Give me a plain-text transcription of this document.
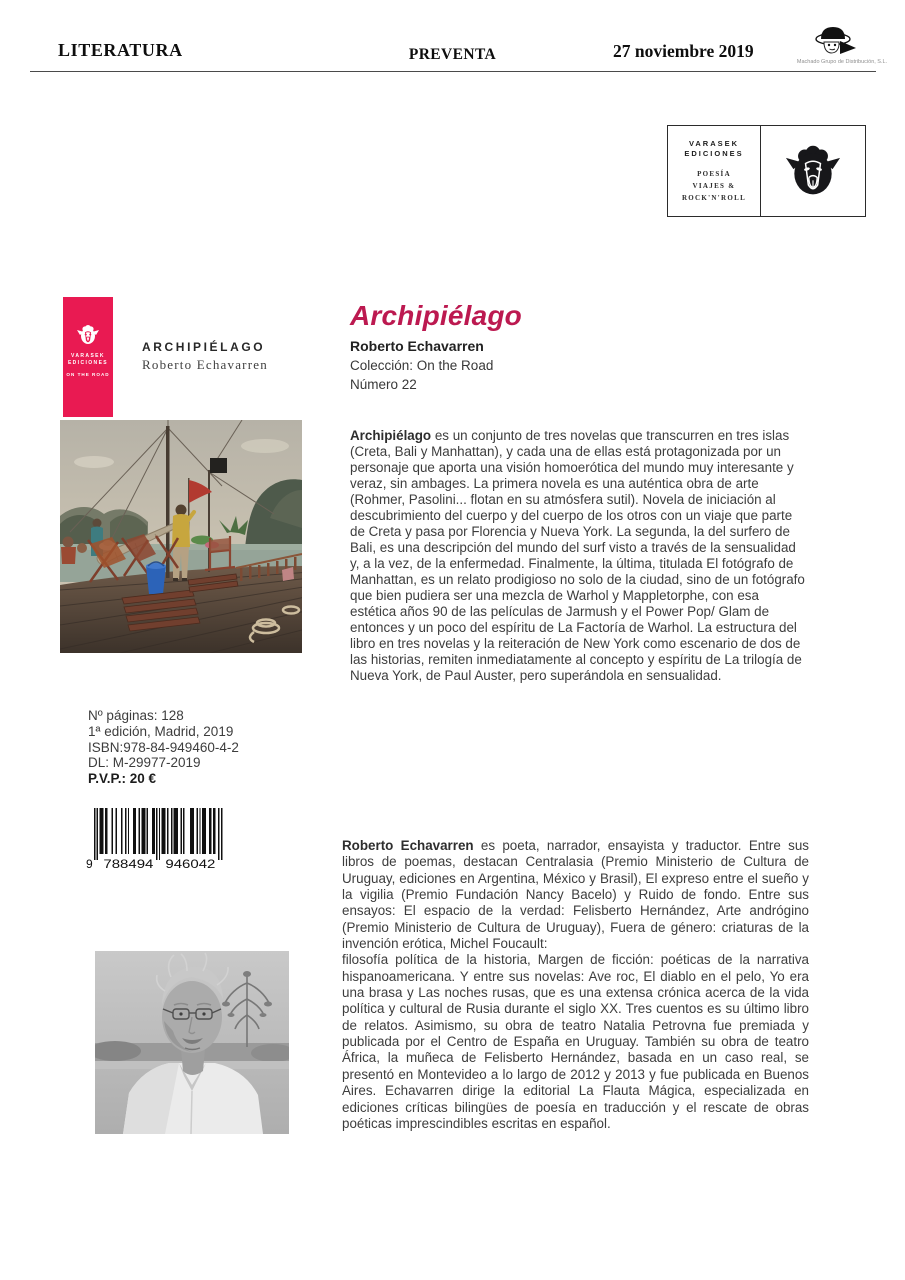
LITERATURA	PREVENTA	27 noviembre 2019
Machado Grupo de Distribución, S.L.
VARASEK
EDICIONES
POESÍA
VIAJES &
ROCK'N'ROLL
VARASEK
EDICIONES
ON THE ROAD
ARCHIPIÉLAGO
Roberto Echavarren
Archipiélago
Roberto Echavarren
Colección: On the Road
Número 22
Archipiélago es un conjunto de tres novelas que transcurren en tres islas (Creta, Bali y Manhattan), y cada una de ellas está protagonizada por un personaje que aporta una visión homoerótica del mundo muy interesante y veraz, sin ambages. La primera novela es una auténtica obra de arte (Rohmer, Pasolini... flotan en su atmósfera sutil). Novela de iniciación al descubrimiento del cuerpo y del cuerpo de los otros con un viaje que parte de Creta y pasa por Florencia y Nueva York. La segunda, la del surfero de Bali, es una descripción del mundo del surf visto a través de la sensualidad y, a la vez, de la enfermedad. Finalmente, la última, titulada El fotógrafo de Manhattan, es un relato prodigioso no solo de la ciudad, sino de un fotógrafo que bien pudiera ser una mezcla de Warhol y Mappletorphe, con esa estética años 90 de las películas de Jarmush y el Power Pop/ Glam de entonces y un poco del espíritu de La Factoría de Warhol. La estructura del libro en tres novelas y la reiteración de New York como escenario de dos de las historias, remiten inmediatamente al concepto y espíritu de La trilogía de Nueva York, de Paul Auster, pero superándola en sensualidad.
Nº páginas: 128
1ª edición, Madrid, 2019
ISBN:978-84-949460-4-2
DL: M-29977-2019
P.V.P.: 20 €
9 788494 946042
Roberto Echavarren es poeta, narrador, ensayista y traductor. Entre sus libros de poemas, destacan Centralasia (Premio Ministerio de Cultura de Uruguay, ediciones en Argentina, México y Brasil), El expreso entre el sueño y la vigilia (Premio Fundación Nancy Bacelo) y Ruido de fondo. Entre sus ensayos: El espacio de la verdad: Felisberto Hernández, Arte andrógino (Premio Ministerio de Cultura de Uruguay), Fuera de género: criaturas de la invención erótica, Michel Foucault:
filosofía política de la historia, Margen de ficción: poéticas de la narrativa hispanoamericana. Y entre sus novelas: Ave roc, El diablo en el pelo, Yo era una brasa y Las noches rusas, que es una extensa crónica acerca de la vida política y cultural de Rusia durante el siglo XX. Tres cuentos es su último libro de relatos. Asimismo, su obra de teatro Natalia Petrovna fue premiada y publicada por el Centro de España en Uruguay. También su obra de teatro África, la muñeca de Felisberto Hernández, basada en un caso real, se presentó en Montevideo a lo largo de 2012 y 2013 y fue publicada en Buenos Aires. Echavarren dirige la editorial La Flauta Mágica, especializada en ediciones críticas bilingües de poesía en traducción y el rescate de obras poéticas imprescindibles escritas en español.
